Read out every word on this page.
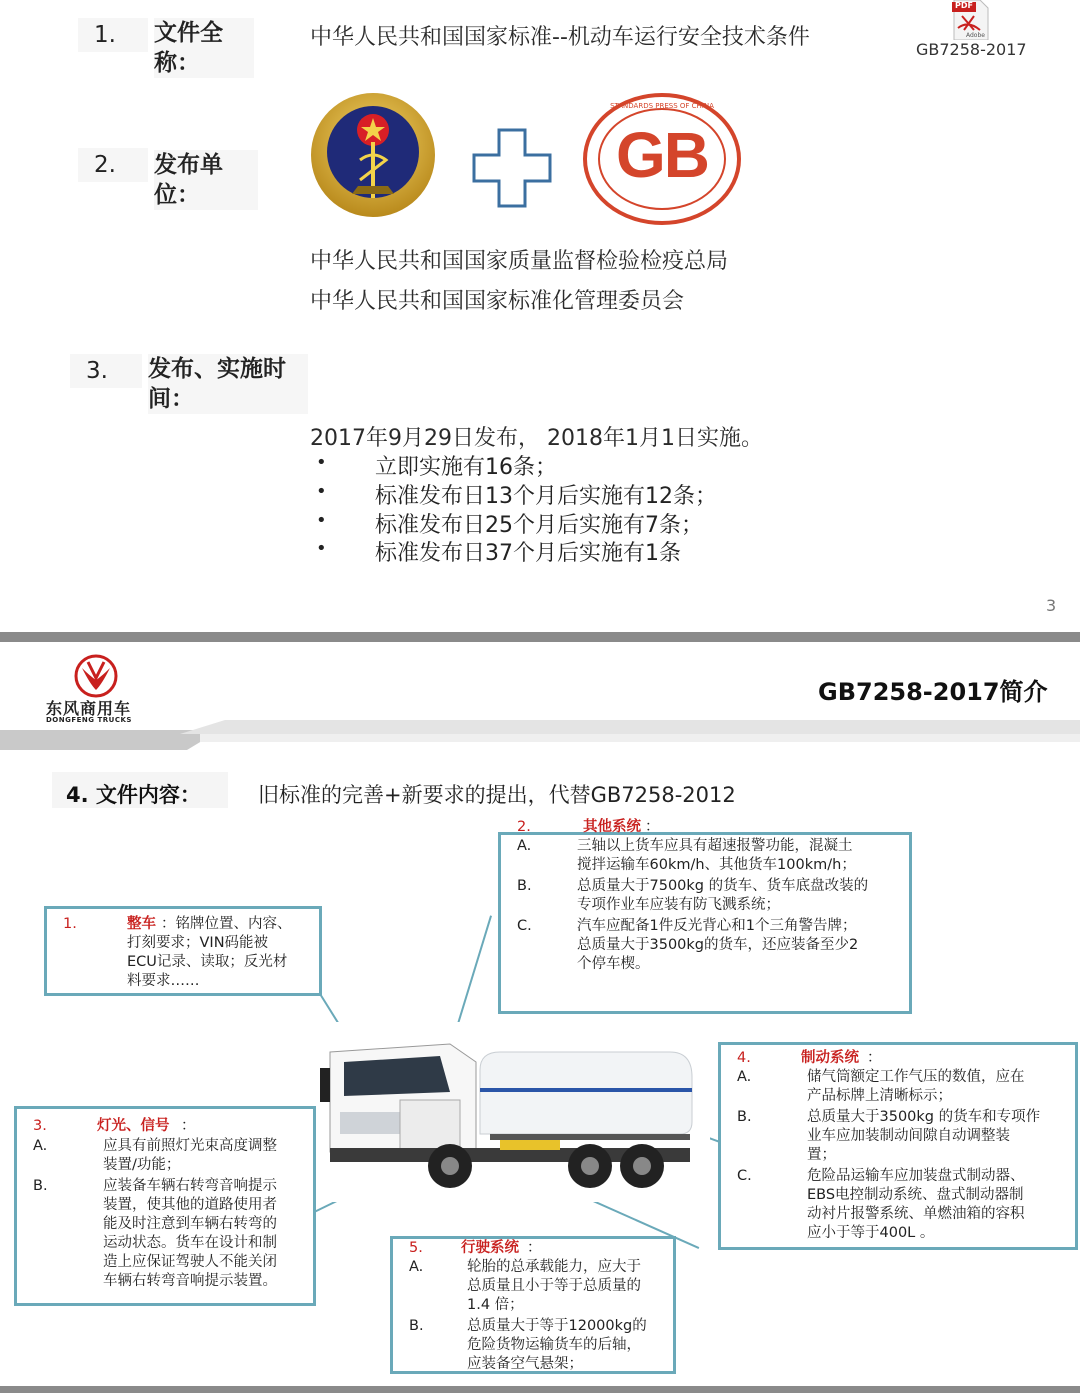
1.	文件全称：
中华人民共和国国家标准--机动车运行安全技术条件
PDF
Adobe
GB7258-2017
2.	发布单位：
GB
STANDARDS PRESS OF CHINA
中华人民共和国国家质量监督检验检疫总局
中华人民共和国国家标准化管理委员会
3.	发布、实施时间：
2017年9月29日发布， 2018年1月1日实施。
• 立即实施有16条；
• 标准发布日13个月后实施有12条；
• 标准发布日25个月后实施有7条；
• 标准发布日37个月后实施有1条
3
东风商用车
DONGFENG TRUCKS
GB7258-2017简介
4. 文件内容：	旧标准的完善+新要求的提出，代替GB7258-2012
1.	整车 ：铭牌位置、内容、
打刻要求；VIN码能被
ECU记录、读取；反光材
料要求……
2.	其他系统 ：
A.	三轴以上货车应具有超速报警功能，混凝土
搅拌运输车60km/h、其他货车100km/h；
B.	总质量大于7500kg 的货车、货车底盘改装的
专项作业车应装有防飞溅系统；
C.	汽车应配备1件反光背心和1个三角警告牌；
总质量大于3500kg的货车，还应装备至少2
个停车楔。
3.	灯光、信号 ：
A.	应具有前照灯光束高度调整
装置/功能；
B.	应装备车辆右转弯音响提示
装置，使其他的道路使用者
能及时注意到车辆右转弯的
运动状态。货车在设计和制
造上应保证驾驶人不能关闭
车辆右转弯音响提示装置。
4.	制动系统 ：
A.	储气筒额定工作气压的数值，应在
产品标牌上清晰标示；
B.	总质量大于3500kg 的货车和专项作
业车应加装制动间隙自动调整装
置；
C.	危险品运输车应加装盘式制动器、
EBS电控制动系统、盘式制动器制
动衬片报警系统、单燃油箱的容积
应小于等于400L 。
5.	行驶系统 ：
A.	轮胎的总承载能力，应大于
总质量且小于等于总质量的
1.4 倍；
B.	总质量大于等于12000kg的
危险货物运输货车的后轴，
应装备空气悬架；
